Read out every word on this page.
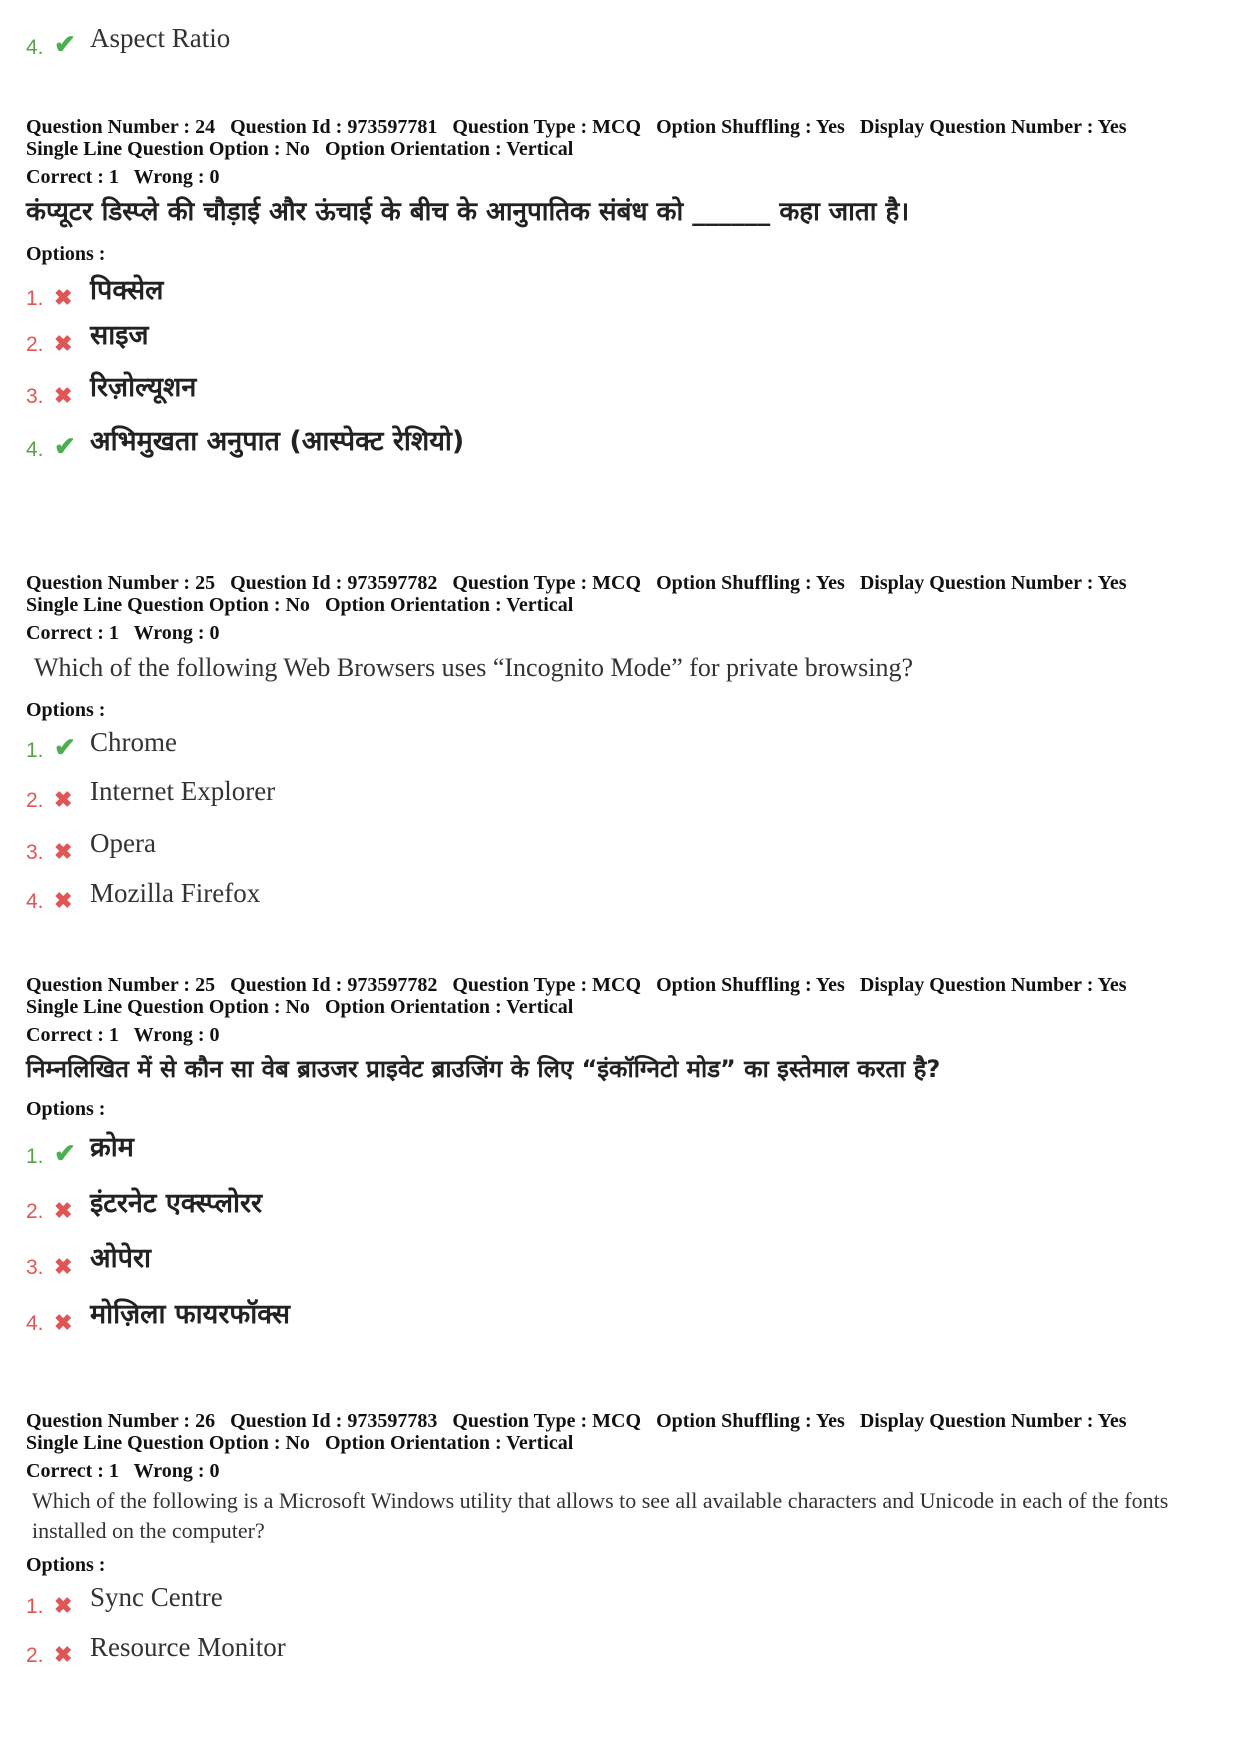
4. ✔ Aspect Ratio
Question Number : 24 Question Id : 973597781 Question Type : MCQ Option Shuffling : Yes Display Question Number : Yes
Single Line Question Option : No Option Orientation : Vertical
Correct : 1 Wrong : 0
कंप्यूटर डिस्प्ले की चौड़ाई और ऊंचाई के बीच के आनुपातिक संबंध को ______ कहा जाता है।
Options :
1. ✖ पिक्सेल
2. ✖ साइज
3. ✖ रिज़ोल्यूशन
4. ✔ अभिमुखता अनुपात (आस्पेक्ट रेशियो)
Question Number : 25 Question Id : 973597782 Question Type : MCQ Option Shuffling : Yes Display Question Number : Yes
Single Line Question Option : No Option Orientation : Vertical
Correct : 1 Wrong : 0
Which of the following Web Browsers uses “Incognito Mode” for private browsing?
Options :
1. ✔ Chrome
2. ✖ Internet Explorer
3. ✖ Opera
4. ✖ Mozilla Firefox
Question Number : 25 Question Id : 973597782 Question Type : MCQ Option Shuffling : Yes Display Question Number : Yes
Single Line Question Option : No Option Orientation : Vertical
Correct : 1 Wrong : 0
निम्नलिखित में से कौन सा वेब ब्राउजर प्राइवेट ब्राउजिंग के लिए “इंकॉग्निटो मोड” का इस्तेमाल करता है?
Options :
1. ✔ क्रोम
2. ✖ इंटरनेट एक्स्प्लोरर
3. ✖ ओपेरा
4. ✖ मोज़िला फायरफॉक्स
Question Number : 26 Question Id : 973597783 Question Type : MCQ Option Shuffling : Yes Display Question Number : Yes
Single Line Question Option : No Option Orientation : Vertical
Correct : 1 Wrong : 0
Which of the following is a Microsoft Windows utility that allows to see all available characters and Unicode in each of the fonts installed on the computer?
Options :
1. ✖ Sync Centre
2. ✖ Resource Monitor
